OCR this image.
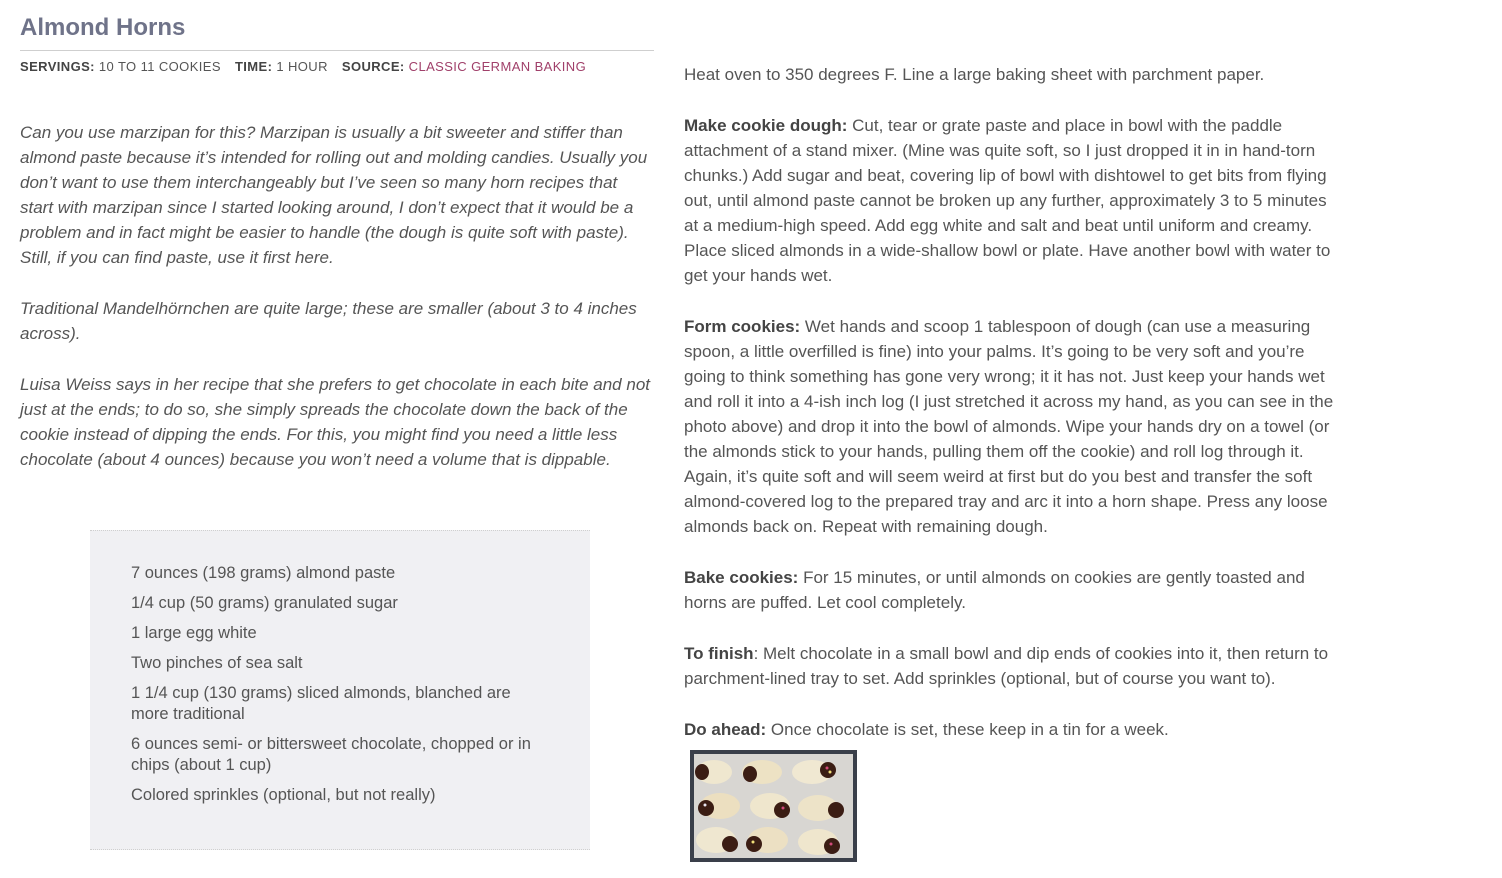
Almond Horns
SERVINGS: 10 TO 11 COOKIES TIME: 1 HOUR SOURCE: CLASSIC GERMAN BAKING

Can you use marzipan for this? Marzipan is usually a bit sweeter and stiffer than almond paste because it’s intended for rolling out and molding candies. Usually you don’t want to use them interchangeably but I’ve seen so many horn recipes that start with marzipan since I started looking around, I don’t expect that it would be a problem and in fact might be easier to handle (the dough is quite soft with paste). Still, if you can find paste, use it first here.

Traditional Mandelhörnchen are quite large; these are smaller (about 3 to 4 inches across).

Luisa Weiss says in her recipe that she prefers to get chocolate in each bite and not just at the ends; to do so, she simply spreads the chocolate down the back of the cookie instead of dipping the ends. For this, you might find you need a little less chocolate (about 4 ounces) because you won’t need a volume that is dippable.

7 ounces (198 grams) almond paste
1/4 cup (50 grams) granulated sugar
1 large egg white
Two pinches of sea salt
1 1/4 cup (130 grams) sliced almonds, blanched are more traditional
6 ounces semi- or bittersweet chocolate, chopped or in chips (about 1 cup)
Colored sprinkles (optional, but not really)

Heat oven to 350 degrees F. Line a large baking sheet with parchment paper.

Make cookie dough: Cut, tear or grate paste and place in bowl with the paddle attachment of a stand mixer. (Mine was quite soft, so I just dropped it in in hand-torn chunks.) Add sugar and beat, covering lip of bowl with dishtowel to get bits from flying out, until almond paste cannot be broken up any further, approximately 3 to 5 minutes at a medium-high speed. Add egg white and salt and beat until uniform and creamy. Place sliced almonds in a wide-shallow bowl or plate. Have another bowl with water to get your hands wet.

Form cookies: Wet hands and scoop 1 tablespoon of dough (can use a measuring spoon, a little overfilled is fine) into your palms. It’s going to be very soft and you’re going to think something has gone very wrong; it it has not. Just keep your hands wet and roll it into a 4-ish inch log (I just stretched it across my hand, as you can see in the photo above) and drop it into the bowl of almonds. Wipe your hands dry on a towel (or the almonds stick to your hands, pulling them off the cookie) and roll log through it. Again, it’s quite soft and will seem weird at first but do you best and transfer the soft almond-covered log to the prepared tray and arc it into a horn shape. Press any loose almonds back on. Repeat with remaining dough.

Bake cookies: For 15 minutes, or until almonds on cookies are gently toasted and horns are puffed. Let cool completely.

To finish: Melt chocolate in a small bowl and dip ends of cookies into it, then return to parchment-lined tray to set. Add sprinkles (optional, but of course you want to).

Do ahead: Once chocolate is set, these keep in a tin for a week.
